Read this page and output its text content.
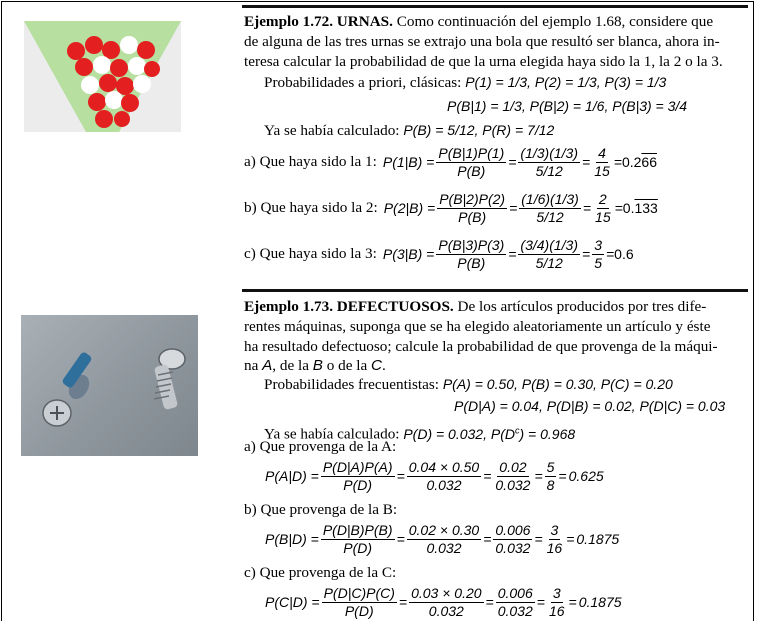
Ejemplo 1.72. URNAS. Como continuación del ejemplo 1.68, considere que
de alguna de las tres urnas se extrajo una bola que resultó ser blanca, ahora in-
teresa calcular la probabilidad de que la urna elegida haya sido la 1, la 2 o la 3.
Probabilidades a priori, clásicas: P(1) = 1/3, P(2) = 1/3, P(3) = 1/3
P(B|1) = 1/3, P(B|2) = 1/6, P(B|3) = 3/4
Ya se había calculado: P(B) = 5/12, P(R) = 7/12
a) Que haya sido la 1: $P(1|B) = \frac{P(B|1)P(1)}{P(B)} = \frac{(1/3)(1/3)}{5/12} = \frac{4}{15} = 0.266$
b) Que haya sido la 2: $P(2|B) = \frac{P(B|2)P(2)}{P(B)} = \frac{(1/6)(1/3)}{5/12} = \frac{2}{15} = 0.133$
c) Que haya sido la 3: $P(3|B) = \frac{P(B|3)P(3)}{P(B)} = \frac{(3/4)(1/3)}{5/12} = \frac{3}{5} = 0.6$
Ejemplo 1.73. DEFECTUOSOS. De los artículos producidos por tres dife-
rentes máquinas, suponga que se ha elegido aleatoriamente un artículo y éste
ha resultado defectuoso; calcule la probabilidad de que provenga de la máqui-
na A, de la B o de la C.
Probabilidades frecuentistas: P(A) = 0.50, P(B) = 0.30, P(C) = 0.20
P(D|A) = 0.04, P(D|B) = 0.02, P(D|C) = 0.03
Ya se había calculado: P(D) = 0.032, $P(D^c) = 0.968$
a) Que provenga de la A:
$P(A|D) = \frac{P(D|A)P(A)}{P(D)} = \frac{0.04 \times 0.50}{0.032} = \frac{0.02}{0.032} = \frac{5}{8} = 0.625$
b) Que provenga de la B:
$P(B|D) = \frac{P(D|B)P(B)}{P(D)} = \frac{0.02 \times 0.30}{0.032} = \frac{0.006}{0.032} = \frac{3}{16} = 0.1875$
c) Que provenga de la C:
$P(C|D) = \frac{P(D|C)P(C)}{P(D)} = \frac{0.03 \times 0.20}{0.032} = \frac{0.006}{0.032} = \frac{3}{16} = 0.1875$
